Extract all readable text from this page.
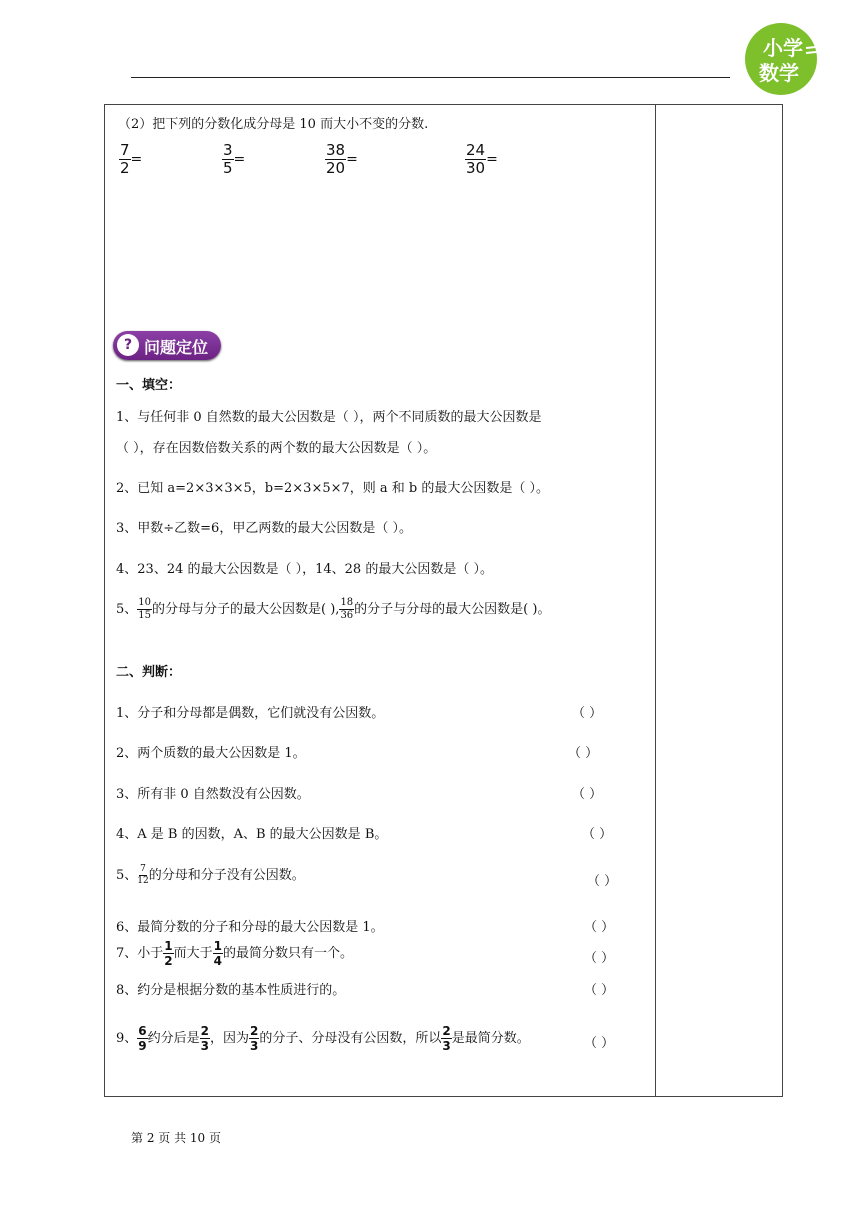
小学
数学
（2）把下列的分数化成分母是 10 而大小不变的分数.
$\frac{7}{2}$ =	$\frac{3}{5}$ =	$\frac{38}{20}$ =	$\frac{24}{30}$ =
? 问题定位
一、填空：
1、与任何非 0 自然数的最大公因数是（ ），两个不同质数的最大公因数是
（ ），存在因数倍数关系的两个数的最大公因数是（ ）。
2、已知 a=2×3×3×5，b=2×3×5×7，则 a 和 b 的最大公因数是（ ）。
3、甲数÷乙数=6，甲乙两数的最大公因数是（ ）。
4、23、24 的最大公因数是（ ），14、28 的最大公因数是（ ）。
5、 $\frac{10}{15}$ 的分母与分子的最大公因数是( ), $\frac{18}{36}$ 的分子与分母的最大公因数是( )。
二、判断：
1、分子和分母都是偶数，它们就没有公因数。	（ ）
2、两个质数的最大公因数是 1。	（ ）
3、所有非 0 自然数没有公因数。	（ ）
4、A 是 B 的因数，A、B 的最大公因数是 B。	（ ）
5、 $\frac{7}{12}$ 的分母和分子没有公因数。	（ ）
6、最简分数的分子和分母的最大公因数是 1。	（ ）
7、小于 $\frac{1}{2}$ 而大于 $\frac{1}{4}$ 的最简分数只有一个。	（ ）
8、约分是根据分数的基本性质进行的。	（ ）
9、 $\frac{6}{9}$ 约分后是 $\frac{2}{3}$ ，因为 $\frac{2}{3}$ 的分子、分母没有公因数，所以 $\frac{2}{3}$ 是最简分数。	（ ）
第 2 页 共 10 页
